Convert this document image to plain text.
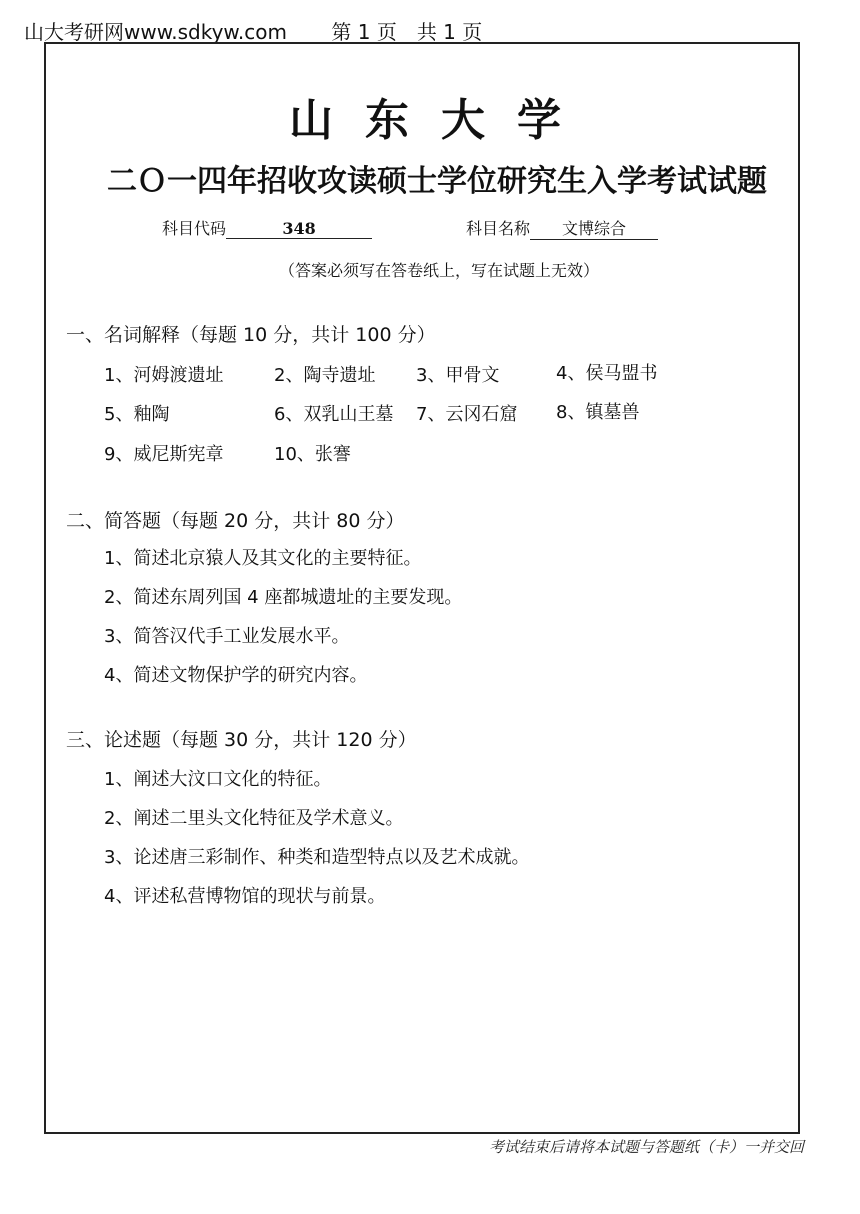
山大考研网www.sdkyw.com 第 1 页　共 1 页
山东大学
二Ｏ一四年招收攻读硕士学位研究生入学考试试题
科目代码	348	科目名称 文博综合
（答案必须写在答卷纸上，写在试题上无效）
一、名词解释（每题 10 分，共计 100 分）
1、河姆渡遗址	2、陶寺遗址 3、甲骨文	4、侯马盟书
5、釉陶	6、双乳山王墓 7、云冈石窟 8、镇墓兽
9、威尼斯宪章	10、张謇
二、简答题（每题 20 分，共计 80 分）
1、简述北京猿人及其文化的主要特征。
2、简述东周列国 4 座都城遗址的主要发现。
3、简答汉代手工业发展水平。
4、简述文物保护学的研究内容。
三、论述题（每题 30 分，共计 120 分）
1、阐述大汶口文化的特征。
2、阐述二里头文化特征及学术意义。
3、论述唐三彩制作、种类和造型特点以及艺术成就。
4、评述私营博物馆的现状与前景。
考试结束后请将本试题与答题纸（卡）一并交回
